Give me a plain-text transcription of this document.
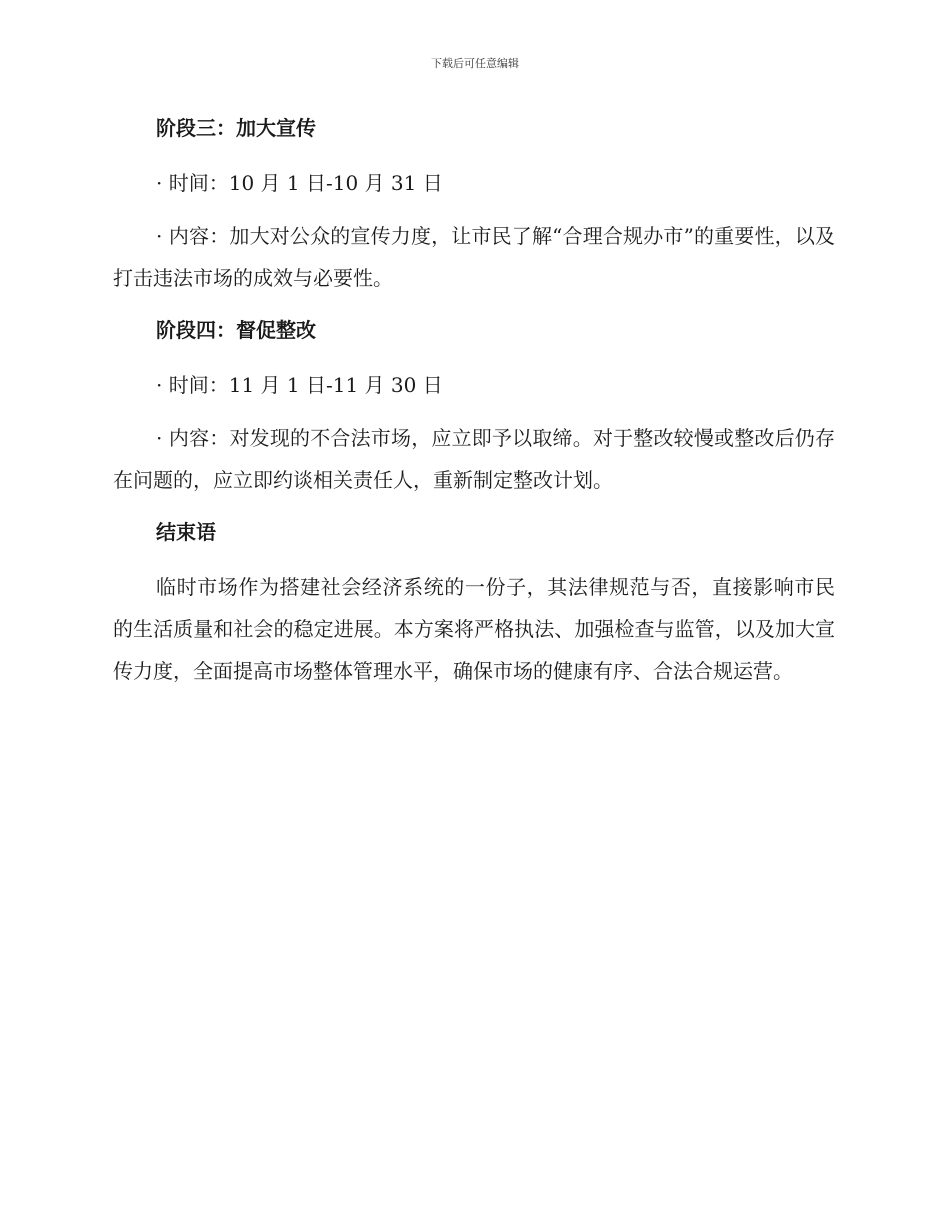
下载后可任意编辑
阶段三：加大宣传

· 时间：10 月 1 日-10 月 31 日

· 内容：加大对公众的宣传力度，让市民了解“合理合规办市”的重要性，以及打击违法市场的成效与必要性。

阶段四：督促整改

· 时间：11 月 1 日-11 月 30 日

· 内容：对发现的不合法市场，应立即予以取缔。对于整改较慢或整改后仍存在问题的，应立即约谈相关责任人，重新制定整改计划。

结束语

临时市场作为搭建社会经济系统的一份子，其法律规范与否，直接影响市民的生活质量和社会的稳定进展。本方案将严格执法、加强检查与监管，以及加大宣传力度，全面提高市场整体管理水平，确保市场的健康有序、合法合规运营。
